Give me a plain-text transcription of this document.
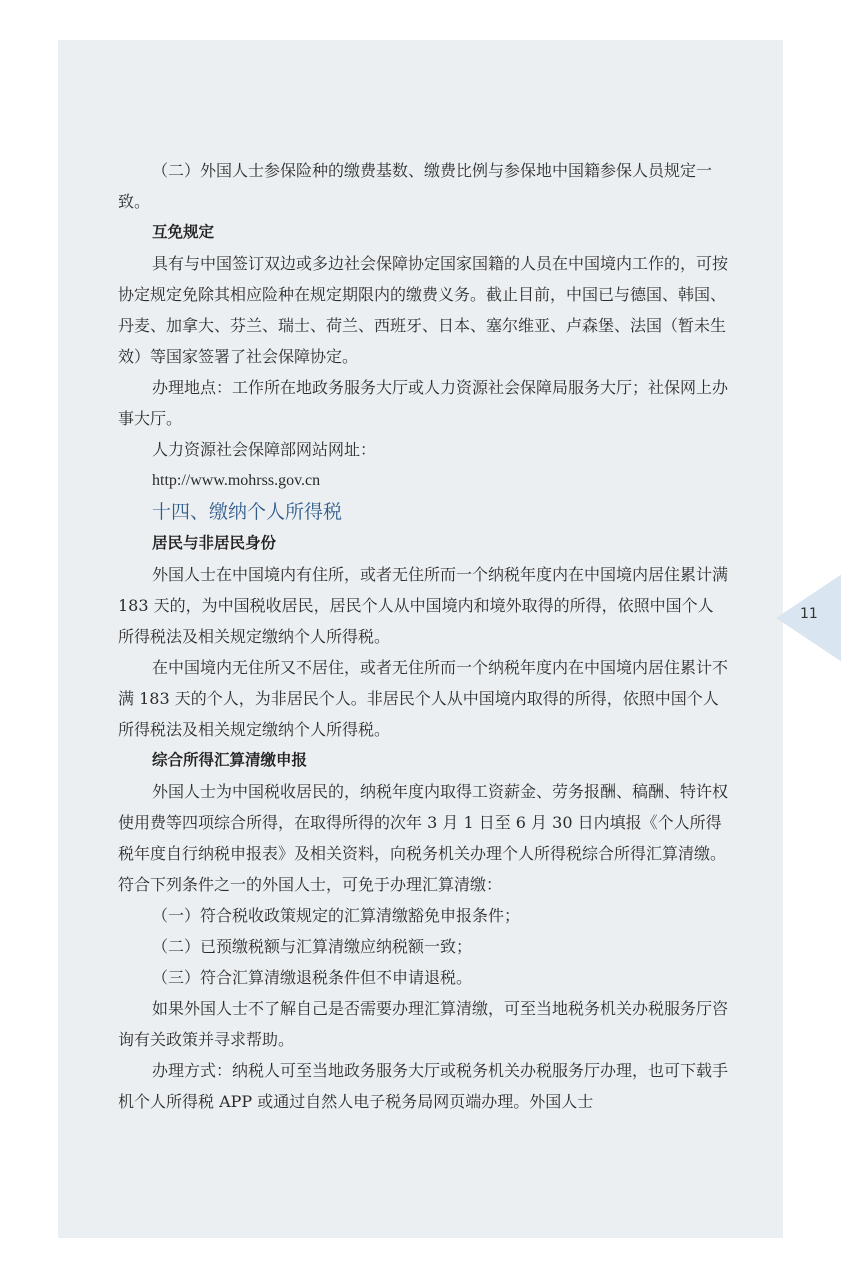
（二）外国人士参保险种的缴费基数、缴费比例与参保地中国籍参保人员规定一致。

互免规定

具有与中国签订双边或多边社会保障协定国家国籍的人员在中国境内工作的，可按协定规定免除其相应险种在规定期限内的缴费义务。截止目前，中国已与德国、韩国、丹麦、加拿大、芬兰、瑞士、荷兰、西班牙、日本、塞尔维亚、卢森堡、法国（暂未生效）等国家签署了社会保障协定。

办理地点：工作所在地政务服务大厅或人力资源社会保障局服务大厅；社保网上办事大厅。

人力资源社会保障部网站网址：

http://www.mohrss.gov.cn

十四、缴纳个人所得税

居民与非居民身份

外国人士在中国境内有住所，或者无住所而一个纳税年度内在中国境内居住累计满 183 天的，为中国税收居民，居民个人从中国境内和境外取得的所得，依照中国个人所得税法及相关规定缴纳个人所得税。

在中国境内无住所又不居住，或者无住所而一个纳税年度内在中国境内居住累计不满 183 天的个人，为非居民个人。非居民个人从中国境内取得的所得，依照中国个人所得税法及相关规定缴纳个人所得税。

综合所得汇算清缴申报

外国人士为中国税收居民的，纳税年度内取得工资薪金、劳务报酬、稿酬、特许权使用费等四项综合所得，在取得所得的次年 3 月 1 日至 6 月 30 日内填报《个人所得税年度自行纳税申报表》及相关资料，向税务机关办理个人所得税综合所得汇算清缴。符合下列条件之一的外国人士，可免于办理汇算清缴：

（一）符合税收政策规定的汇算清缴豁免申报条件；

（二）已预缴税额与汇算清缴应纳税额一致；

（三）符合汇算清缴退税条件但不申请退税。

如果外国人士不了解自己是否需要办理汇算清缴，可至当地税务机关办税服务厅咨询有关政策并寻求帮助。

办理方式：纳税人可至当地政务服务大厅或税务机关办税服务厅办理，也可下载手机个人所得税 APP 或通过自然人电子税务局网页端办理。外国人士

11
